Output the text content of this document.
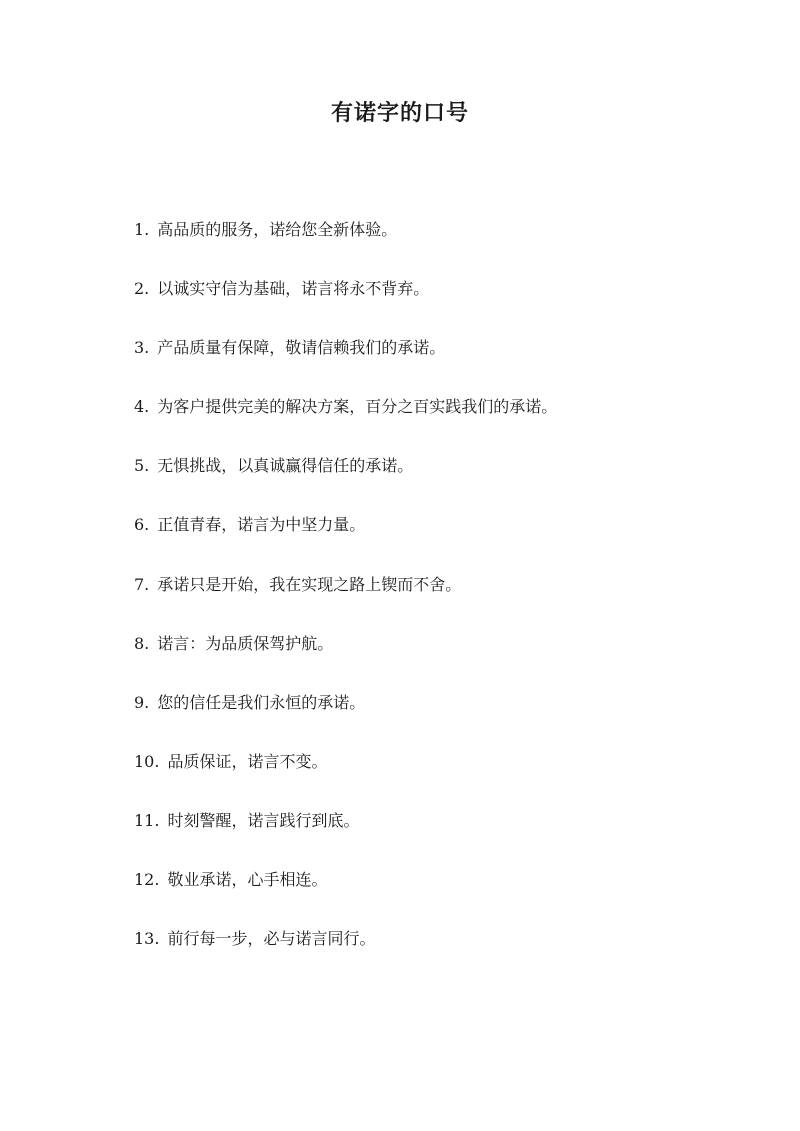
有诺字的口号
1. 高品质的服务，诺给您全新体验。
2. 以诚实守信为基础，诺言将永不背弃。
3. 产品质量有保障，敬请信赖我们的承诺。
4. 为客户提供完美的解决方案，百分之百实践我们的承诺。
5. 无惧挑战，以真诚赢得信任的承诺。
6. 正值青春，诺言为中坚力量。
7. 承诺只是开始，我在实现之路上锲而不舍。
8. 诺言：为品质保驾护航。
9. 您的信任是我们永恒的承诺。
10. 品质保证，诺言不变。
11. 时刻警醒，诺言践行到底。
12. 敬业承诺，心手相连。
13. 前行每一步，必与诺言同行。
